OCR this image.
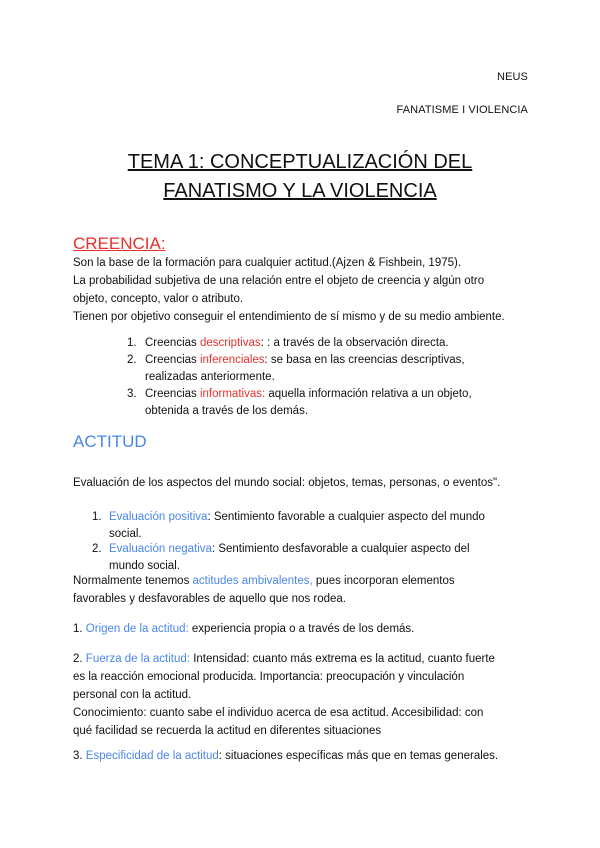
NEUS
FANATISME I VIOLENCIA
TEMA 1: CONCEPTUALIZACIÓN DEL
FANATISMO Y LA VIOLENCIA
CREENCIA:
Son la base de la formación para cualquier actitud.(Ajzen & Fishbein, 1975).
La probabilidad subjetiva de una relación entre el objeto de creencia y algún otro
objeto, concepto, valor o atributo.
Tienen por objetivo conseguir el entendimiento de sí mismo y de su medio ambiente.
1. Creencias descriptivas: : a través de la observación directa.
2. Creencias inferenciales: se basa en las creencias descriptivas,
realizadas anteriormente.
3. Creencias informativas: aquella información relativa a un objeto,
obtenida a través de los demás.
ACTITUD
Evaluación de los aspectos del mundo social: objetos, temas, personas, o eventos".
1. Evaluación positiva: Sentimiento favorable a cualquier aspecto del mundo
social.
2. Evaluación negativa: Sentimiento desfavorable a cualquier aspecto del
mundo social.
Normalmente tenemos actitudes ambivalentes, pues incorporan elementos
favorables y desfavorables de aquello que nos rodea.
1. Origen de la actitud: experiencia propia o a través de los demás.
2. Fuerza de la actitud: Intensidad: cuanto más extrema es la actitud, cuanto fuerte
es la reacción emocional producida. Importancia: preocupación y vinculación
personal con la actitud.
Conocimiento: cuanto sabe el individuo acerca de esa actitud. Accesibilidad: con
qué facilidad se recuerda la actitud en diferentes situaciones
3. Especificidad de la actitud: situaciones específicas más que en temas generales.
